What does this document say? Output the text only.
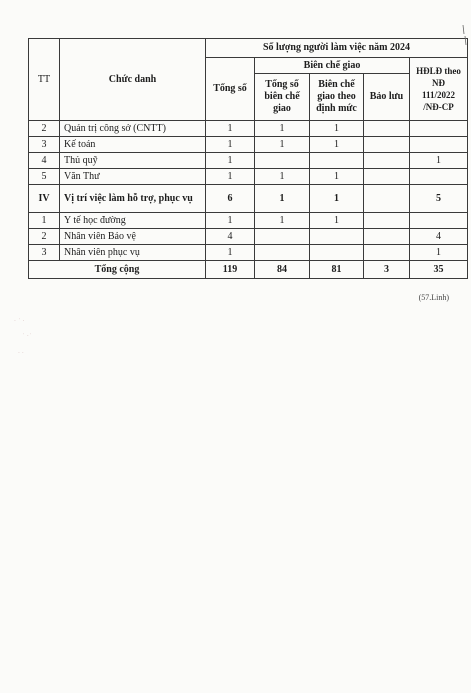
TT	Chức danh	Số lượng người làm việc năm 2024				
		Tổng số	Biên chế giao			HĐLĐ theo NĐ 111/2022 /NĐ-CP
			Tổng số biên chế giao	Biên chế giao theo định mức	Bảo lưu	
2	Quản trị công sở (CNTT)	1	1	1		
3	Kế toán	1	1	1		
4	Thủ quỹ	1				1
5	Văn Thư	1	1	1		
IV	Vị trí việc làm hỗ trợ, phục vụ	6	1	1		5
1	Y tế học đường	1	1	1		
2	Nhân viên Bảo vệ	4				4
3	Nhân viên phục vụ	1				1
Tổng cộng		119	84	81	3	35
(57.Linh)
· ˙ ·
˙ ·˙
· ·
